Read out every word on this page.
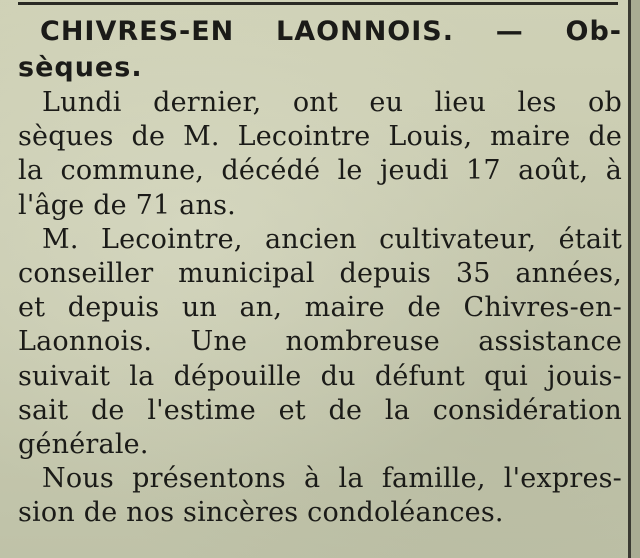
CHIVRES-EN LAONNOIS. — Ob-
sèques.
Lundi dernier, ont eu lieu les ob
sèques de M. Lecointre Louis, maire de
la commune, décédé le jeudi 17 août, à
l'âge de 71 ans.
M. Lecointre, ancien cultivateur, était
conseiller municipal depuis 35 années,
et depuis un an, maire de Chivres-en-
Laonnois. Une nombreuse assistance
suivait la dépouille du défunt qui jouis-
sait de l'estime et de la considération
générale.
Nous présentons à la famille, l'expres-
sion de nos sincères condoléances.
